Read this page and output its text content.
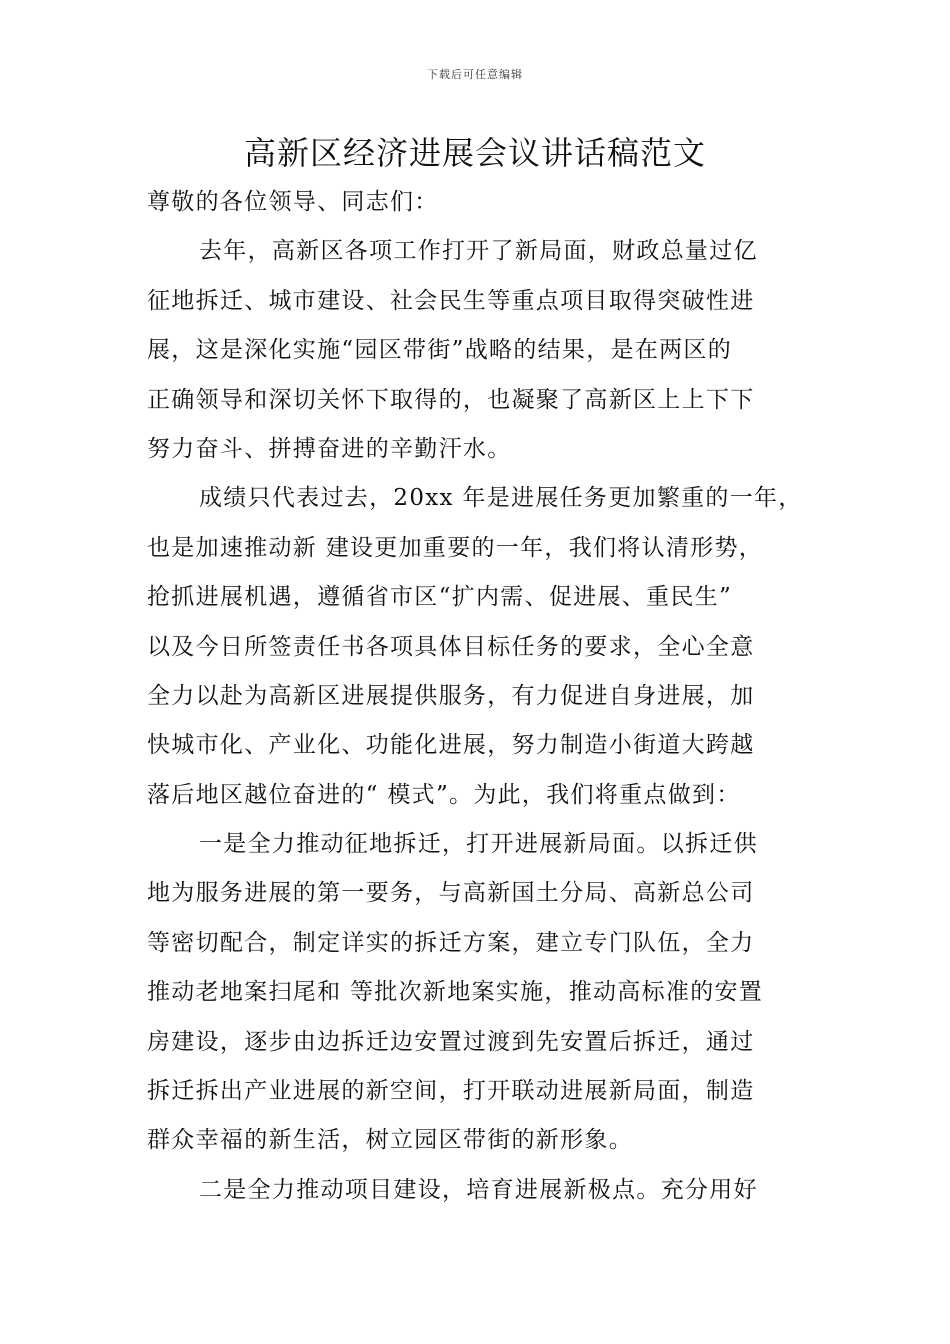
下载后可任意编辑
高新区经济进展会议讲话稿范文
尊敬的各位领导、同志们：
去年，高新区各项工作打开了新局面，财政总量过亿
征地拆迁、城市建设、社会民生等重点项目取得突破性进
展，这是深化实施“园区带街”战略的结果，是在两区的
正确领导和深切关怀下取得的，也凝聚了高新区上上下下
努力奋斗、拼搏奋进的辛勤汗水。
成绩只代表过去，20xx 年是进展任务更加繁重的一年，
也是加速推动新 建设更加重要的一年，我们将认清形势，
抢抓进展机遇，遵循省市区“扩内需、促进展、重民生”
以及今日所签责任书各项具体目标任务的要求，全心全意
全力以赴为高新区进展提供服务，有力促进自身进展，加
快城市化、产业化、功能化进展，努力制造小街道大跨越
落后地区越位奋进的“ 模式”。为此，我们将重点做到：
一是全力推动征地拆迁，打开进展新局面。以拆迁供
地为服务进展的第一要务，与高新国土分局、高新总公司
等密切配合，制定详实的拆迁方案，建立专门队伍，全力
推动老地案扫尾和 等批次新地案实施，推动高标准的安置
房建设，逐步由边拆迁边安置过渡到先安置后拆迁，通过
拆迁拆出产业进展的新空间，打开联动进展新局面，制造
群众幸福的新生活，树立园区带街的新形象。
二是全力推动项目建设，培育进展新极点。充分用好
